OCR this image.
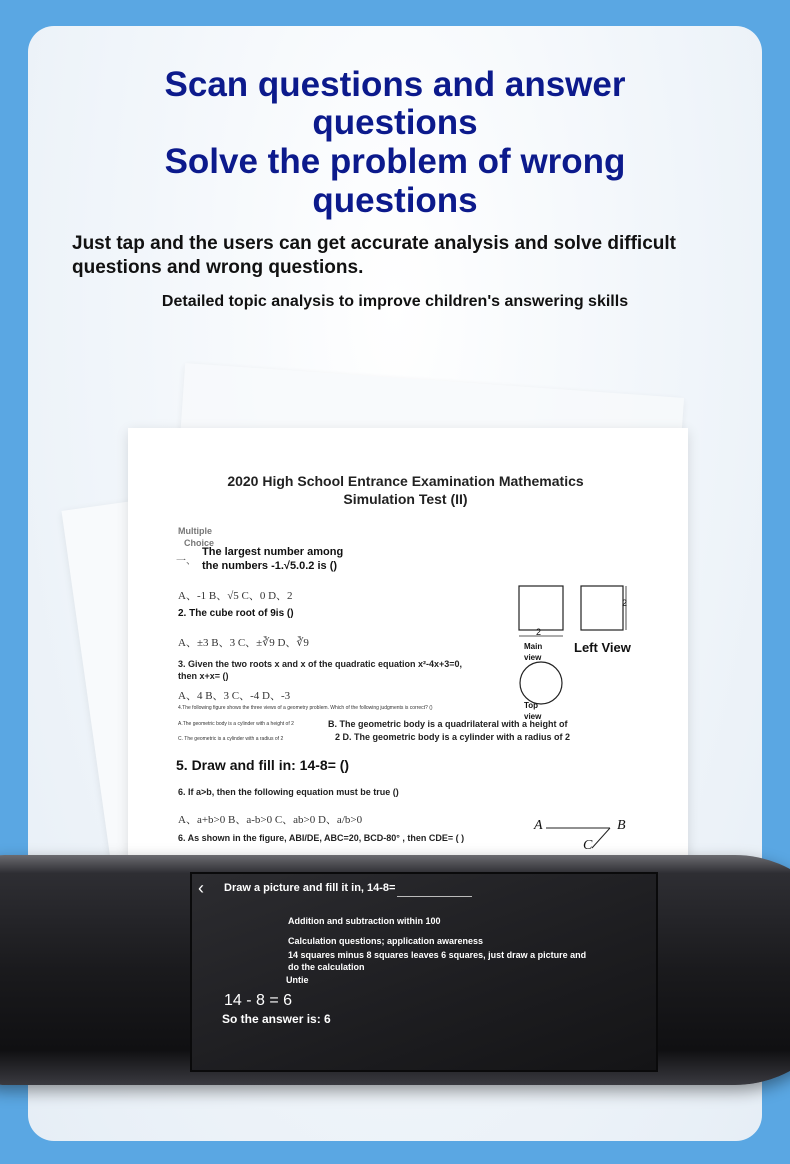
Scan questions and answer
questions
Solve the problem of wrong
questions
Just tap and the users can get accurate analysis and solve difficult questions and wrong questions.
Detailed topic analysis to improve children's answering skills
2020 High School Entrance Examination Mathematics
Simulation Test (II)
Multiple
Choice
一、
The largest number among
the numbers -1.√5.0.2 is ()
A、-1 B、√5 C、0 D、2
2. The cube root of 9is ()
A、±3 B、3 C、±∛9 D、∛9
3. Given the two roots x and x of the quadratic equation x²-4x+3=0,
then x+x= ()
A、4 B、3 C、-4 D、-3
4.The following figure shows the three views of a geometry problem. Which of the following judgments is correct? ()
A.The geometric body is a cylinder with a height of 2
C. The geometric is a cylinder with a radius of 2
B. The geometric body is a quadrilateral with a height of
2 D. The geometric body is a cylinder with a radius of 2
5. Draw and fill in: 14-8= ()
6. If a>b, then the following equation must be true ()
A、a+b>0 B、a-b>0 C、ab>0 D、a/b>0
6. As shown in the figure, ABI/DE, ABC=20, BCD-80° , then CDE= ( )
2
2
Main view
Left View
Top view
A	B
C
‹ Draw a picture and fill it in, 14-8=
Addition and subtraction within 100
Calculation questions; application awareness
14 squares minus 8 squares leaves 6 squares, just draw a picture and
do the calculation
Untie
14 - 8 = 6
So the answer is: 6
